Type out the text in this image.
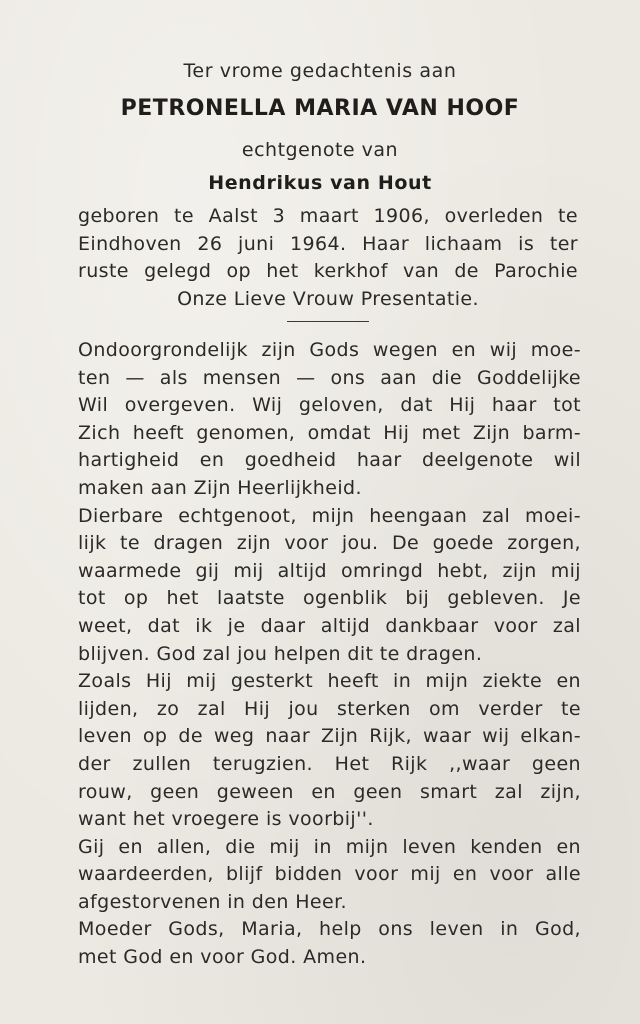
Ter vrome gedachtenis aan
PETRONELLA MARIA VAN HOOF
echtgenote van
Hendrikus van Hout
geboren te Aalst 3 maart 1906, overleden te
Eindhoven 26 juni 1964. Haar lichaam is ter
ruste gelegd op het kerkhof van de Parochie
Onze Lieve Vrouw Presentatie.
Ondoorgrondelijk zijn Gods wegen en wij moe-
ten — als mensen — ons aan die Goddelijke
Wil overgeven. Wij geloven, dat Hij haar tot
Zich heeft genomen, omdat Hij met Zijn barm-
hartigheid en goedheid haar deelgenote wil
maken aan Zijn Heerlijkheid.
Dierbare echtgenoot, mijn heengaan zal moei-
lijk te dragen zijn voor jou. De goede zorgen,
waarmede gij mij altijd omringd hebt, zijn mij
tot op het laatste ogenblik bij gebleven. Je
weet, dat ik je daar altijd dankbaar voor zal
blijven. God zal jou helpen dit te dragen.
Zoals Hij mij gesterkt heeft in mijn ziekte en
lijden, zo zal Hij jou sterken om verder te
leven op de weg naar Zijn Rijk, waar wij elkan-
der zullen terugzien. Het Rijk ,,waar geen
rouw, geen geween en geen smart zal zijn,
want het vroegere is voorbij''.
Gij en allen, die mij in mijn leven kenden en
waardeerden, blijf bidden voor mij en voor alle
afgestorvenen in den Heer.
Moeder Gods, Maria, help ons leven in God,
met God en voor God. Amen.
